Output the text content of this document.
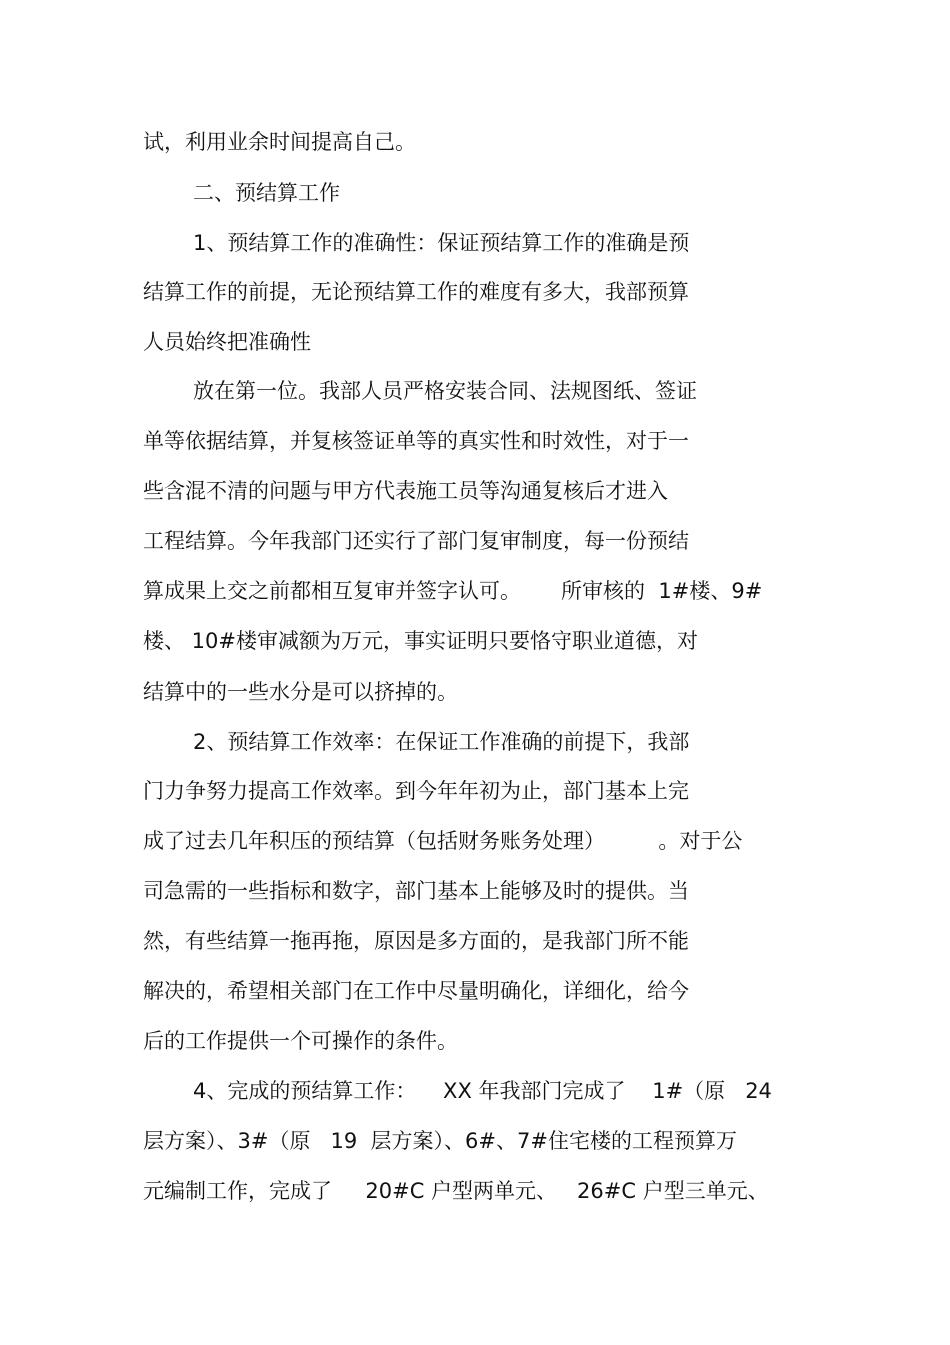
试，利用业余时间提高自己。
二、预结算工作
1、预结算工作的准确性：保证预结算工作的准确是预
结算工作的前提，无论预结算工作的难度有多大，我部预算
人员始终把准确性
放在第一位。我部人员严格安装合同、法规图纸、签证
单等依据结算，并复核签证单等的真实性和时效性，对于一
些含混不清的问题与甲方代表施工员等沟通复核后才进入
工程结算。今年我部门还实行了部门复审制度，每一份预结
算成果上交之前都相互复审并签字认可。      所审核的  1#楼、9#
楼、 10#楼审减额为万元，事实证明只要恪守职业道德，对
结算中的一些水分是可以挤掉的。
2、预结算工作效率：在保证工作准确的前提下，我部
门力争努力提高工作效率。到今年年初为止，部门基本上完
成了过去几年积压的预结算（包括财务账务处理）        。对于公
司急需的一些指标和数字，部门基本上能够及时的提供。当
然，有些结算一拖再拖，原因是多方面的，是我部门所不能
解决的，希望相关部门在工作中尽量明确化，详细化，给今
后的工作提供一个可操作的条件。
4、完成的预结算工作：    XX 年我部门完成了    1#（原   24
层方案）、3#（原   19  层方案）、6#、7#住宅楼的工程预算万
元编制工作，完成了     20#C 户型两单元、   26#C 户型三单元、
